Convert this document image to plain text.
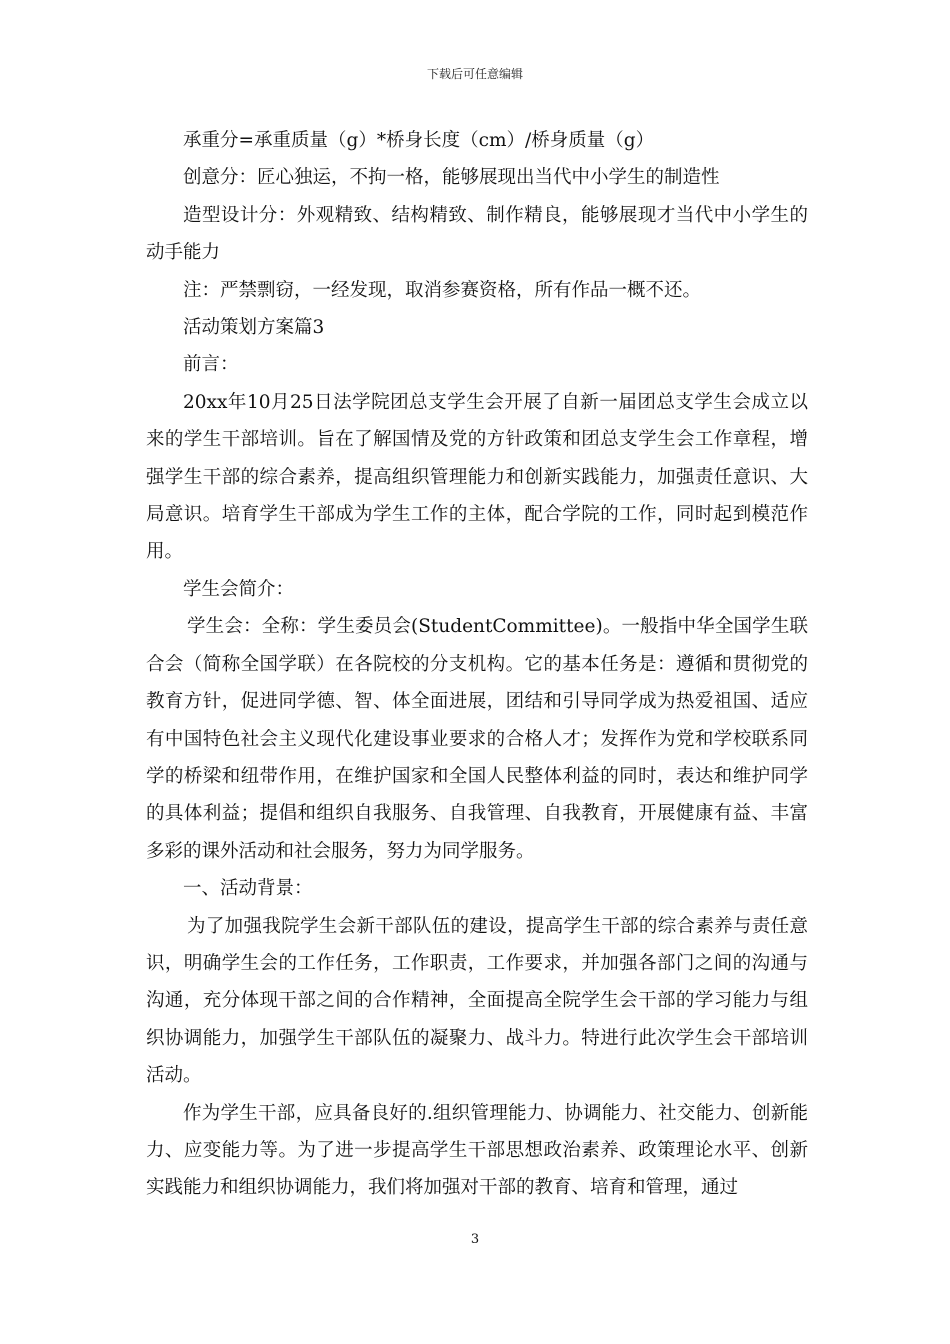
下载后可任意编辑

承重分=承重质量（g）*桥身长度（cm）/桥身质量（g）

创意分：匠心独运，不拘一格，能够展现出当代中小学生的制造性

造型设计分：外观精致、结构精致、制作精良，能够展现才当代中小学生的动手能力

注：严禁剽窃，一经发现，取消参赛资格，所有作品一概不还。

活动策划方案篇3

前言：

20xx年10月25日法学院团总支学生会开展了自新一届团总支学生会成立以来的学生干部培训。旨在了解国情及党的方针政策和团总支学生会工作章程，增强学生干部的综合素养，提高组织管理能力和创新实践能力，加强责任意识、大局意识。培育学生干部成为学生工作的主体，配合学院的工作，同时起到模范作用。

学生会简介：

学生会：全称：学生委员会(StudentCommittee)。一般指中华全国学生联合会（简称全国学联）在各院校的分支机构。它的基本任务是：遵循和贯彻党的教育方针，促进同学德、智、体全面进展，团结和引导同学成为热爱祖国、适应有中国特色社会主义现代化建设事业要求的合格人才；发挥作为党和学校联系同学的桥梁和纽带作用，在维护国家和全国人民整体利益的同时，表达和维护同学的具体利益；提倡和组织自我服务、自我管理、自我教育，开展健康有益、丰富多彩的课外活动和社会服务，努力为同学服务。

一、活动背景：

为了加强我院学生会新干部队伍的建设，提高学生干部的综合素养与责任意识，明确学生会的工作任务，工作职责，工作要求，并加强各部门之间的沟通与沟通，充分体现干部之间的合作精神，全面提高全院学生会干部的学习能力与组织协调能力，加强学生干部队伍的凝聚力、战斗力。特进行此次学生会干部培训活动。

作为学生干部，应具备良好的.组织管理能力、协调能力、社交能力、创新能力、应变能力等。为了进一步提高学生干部思想政治素养、政策理论水平、创新实践能力和组织协调能力，我们将加强对干部的教育、培育和管理，通过

3
